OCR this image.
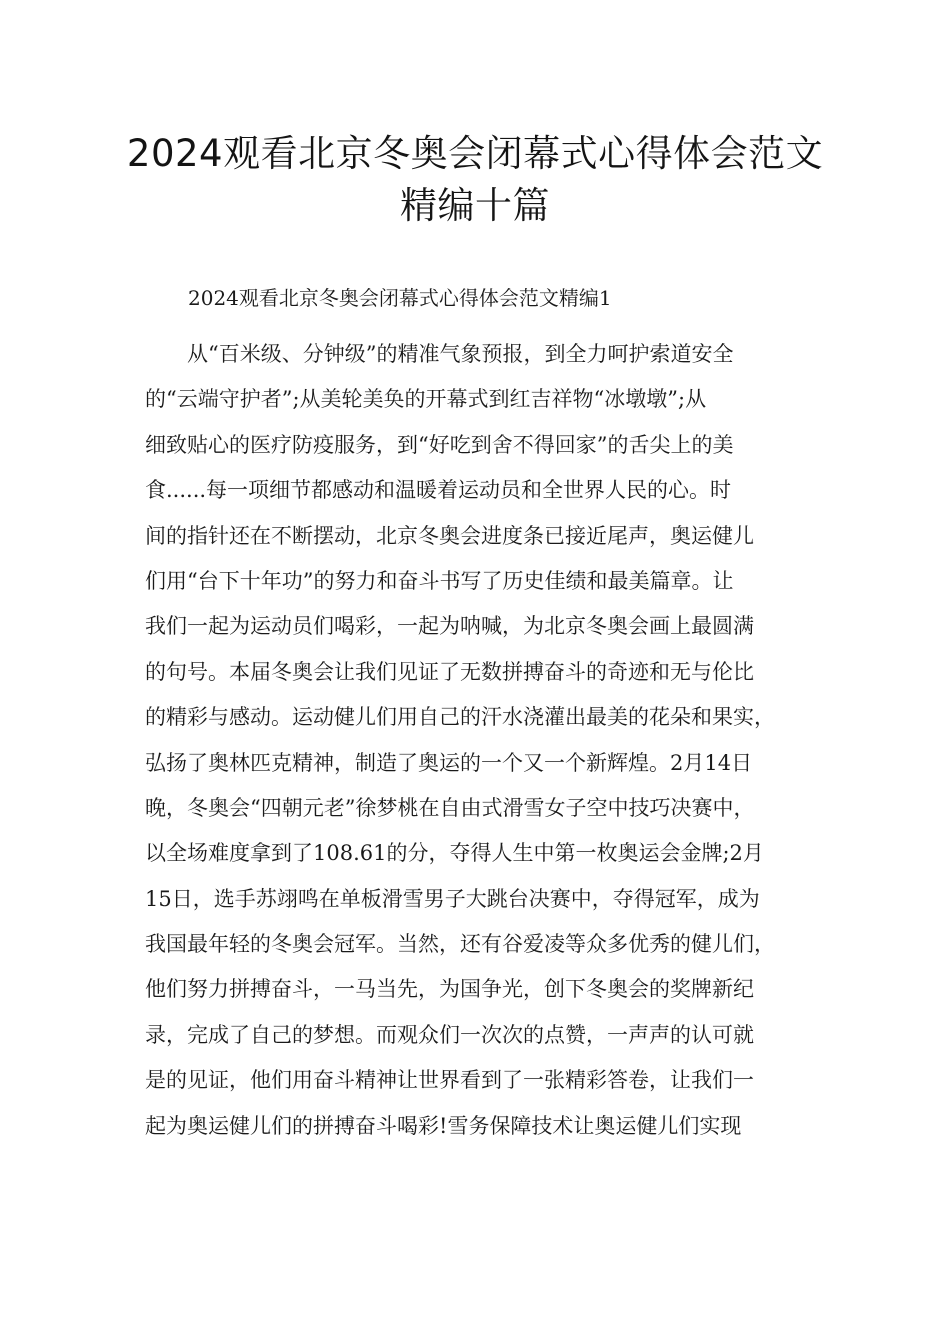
2024观看北京冬奥会闭幕式心得体会范文精编十篇

2024观看北京冬奥会闭幕式心得体会范文精编1

从“百米级、分钟级”的精准气象预报，到全力呵护索道安全
的“云端守护者”;从美轮美奂的开幕式到红吉祥物“冰墩墩”;从
细致贴心的医疗防疫服务，到“好吃到舍不得回家”的舌尖上的美
食......每一项细节都感动和温暖着运动员和全世界人民的心。时
间的指针还在不断摆动，北京冬奥会进度条已接近尾声，奥运健儿
们用“台下十年功”的努力和奋斗书写了历史佳绩和最美篇章。让
我们一起为运动员们喝彩，一起为呐喊，为北京冬奥会画上最圆满
的句号。本届冬奥会让我们见证了无数拼搏奋斗的奇迹和无与伦比
的精彩与感动。运动健儿们用自己的汗水浇灌出最美的花朵和果实，
弘扬了奥林匹克精神，制造了奥运的一个又一个新辉煌。2月14日
晚，冬奥会“四朝元老”徐梦桃在自由式滑雪女子空中技巧决赛中，
以全场难度拿到了108.61的分，夺得人生中第一枚奥运会金牌;2月
15日，选手苏翊鸣在单板滑雪男子大跳台决赛中，夺得冠军，成为
我国最年轻的冬奥会冠军。当然，还有谷爱凌等众多优秀的健儿们，
他们努力拼搏奋斗，一马当先，为国争光，创下冬奥会的奖牌新纪
录，完成了自己的梦想。而观众们一次次的点赞，一声声的认可就
是的见证，他们用奋斗精神让世界看到了一张精彩答卷，让我们一
起为奥运健儿们的拼搏奋斗喝彩!雪务保障技术让奥运健儿们实现
